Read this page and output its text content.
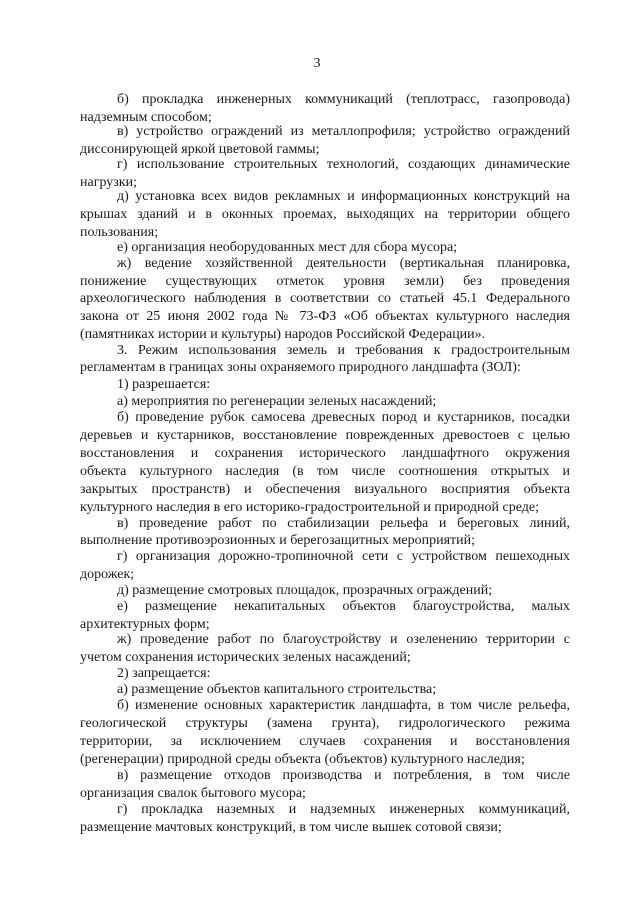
3
б) прокладка инженерных коммуникаций (теплотрасс, газопровода)
надземным способом;
в) устройство ограждений из металлопрофиля; устройство ограждений
диссонирующей яркой цветовой гаммы;
г) использование строительных технологий, создающих динамические
нагрузки;
д) установка всех видов рекламных и информационных конструкций на
крышах зданий и в оконных проемах, выходящих на территории общего
пользования;
е) организация необорудованных мест для сбора мусора;
ж) ведение хозяйственной деятельности (вертикальная планировка,
понижение существующих отметок уровня земли) без проведения
археологического наблюдения в соответствии со статьей 45.1 Федерального
закона от 25 июня 2002 года № 73-ФЗ «Об объектах культурного наследия
(памятниках истории и культуры) народов Российской Федерации».
3. Режим использования земель и требования к градостроительным
регламентам в границах зоны охраняемого природного ландшафта (ЗОЛ):
1) разрешается:
а) мероприятия по регенерации зеленых насаждений;
б) проведение рубок самосева древесных пород и кустарников, посадки
деревьев и кустарников, восстановление поврежденных древостоев с целью
восстановления и сохранения исторического ландшафтного окружения
объекта культурного наследия (в том числе соотношения открытых и
закрытых пространств) и обеспечения визуального восприятия объекта
культурного наследия в его историко-градостроительной и природной среде;
в) проведение работ по стабилизации рельефа и береговых линий,
выполнение противоэрозионных и берегозащитных мероприятий;
г) организация дорожно-тропиночной сети с устройством пешеходных
дорожек;
д) размещение смотровых площадок, прозрачных ограждений;
е) размещение некапитальных объектов благоустройства, малых
архитектурных форм;
ж) проведение работ по благоустройству и озеленению территории с
учетом сохранения исторических зеленых насаждений;
2) запрещается:
а) размещение объектов капитального строительства;
б) изменение основных характеристик ландшафта, в том числе рельефа,
геологической структуры (замена грунта), гидрологического режима
территории, за исключением случаев сохранения и восстановления
(регенерации) природной среды объекта (объектов) культурного наследия;
в) размещение отходов производства и потребления, в том числе
организация свалок бытового мусора;
г) прокладка наземных и надземных инженерных коммуникаций,
размещение мачтовых конструкций, в том числе вышек сотовой связи;
